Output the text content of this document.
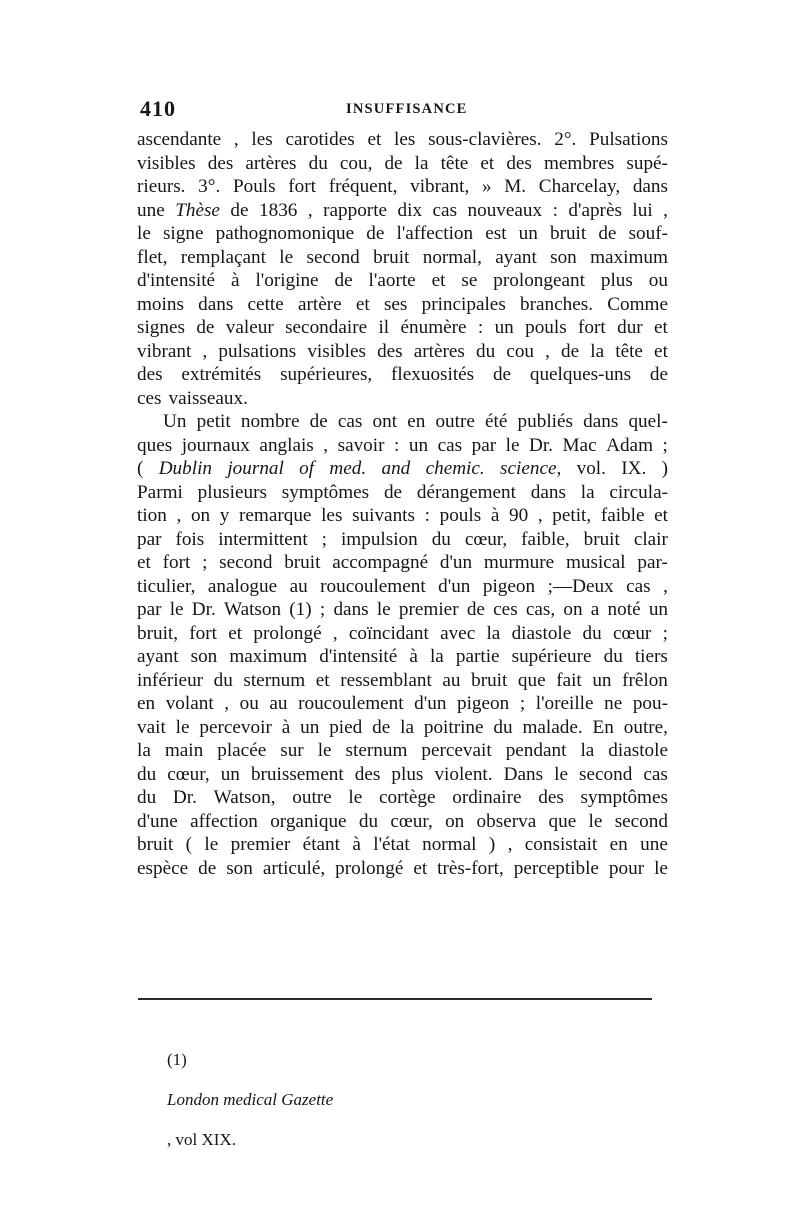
410	INSUFFISANCE
ascendante , les carotides et les sous-clavières. 2°. Pulsations
visibles des artères du cou, de la tête et des membres supé-
rieurs. 3°. Pouls fort fréquent, vibrant, » M. Charcelay, dans
une Thèse de 1836 , rapporte dix cas nouveaux : d'après lui ,
le signe pathognomonique de l'affection est un bruit de souf-
flet, remplaçant le second bruit normal, ayant son maximum
d'intensité à l'origine de l'aorte et se prolongeant plus ou
moins dans cette artère et ses principales branches. Comme
signes de valeur secondaire il énumère : un pouls fort dur et
vibrant , pulsations visibles des artères du cou , de la tête et
des extrémités supérieures, flexuosités de quelques-uns de
ces vaisseaux.
Un petit nombre de cas ont en outre été publiés dans quel-
ques journaux anglais , savoir : un cas par le Dr. Mac Adam ;
( Dublin journal of med. and chemic. science, vol. IX. )
Parmi plusieurs symptômes de dérangement dans la circula-
tion , on y remarque les suivants : pouls à 90 , petit, faible et
par fois intermittent ; impulsion du cœur, faible, bruit clair
et fort ; second bruit accompagné d'un murmure musical par-
ticulier, analogue au roucoulement d'un pigeon ;—Deux cas ,
par le Dr. Watson (1) ; dans le premier de ces cas, on a noté un
bruit, fort et prolongé , coïncidant avec la diastole du cœur ;
ayant son maximum d'intensité à la partie supérieure du tiers
inférieur du sternum et ressemblant au bruit que fait un frêlon
en volant , ou au roucoulement d'un pigeon ; l'oreille ne pou-
vait le percevoir à un pied de la poitrine du malade. En outre,
la main placée sur le sternum percevait pendant la diastole
du cœur, un bruissement des plus violent. Dans le second cas
du Dr. Watson, outre le cortège ordinaire des symptômes
d'une affection organique du cœur, on observa que le second
bruit ( le premier étant à l'état normal ) , consistait en une
espèce de son articulé, prolongé et très-fort, perceptible pour le

(1)

London medical Gazette

, vol XIX.
